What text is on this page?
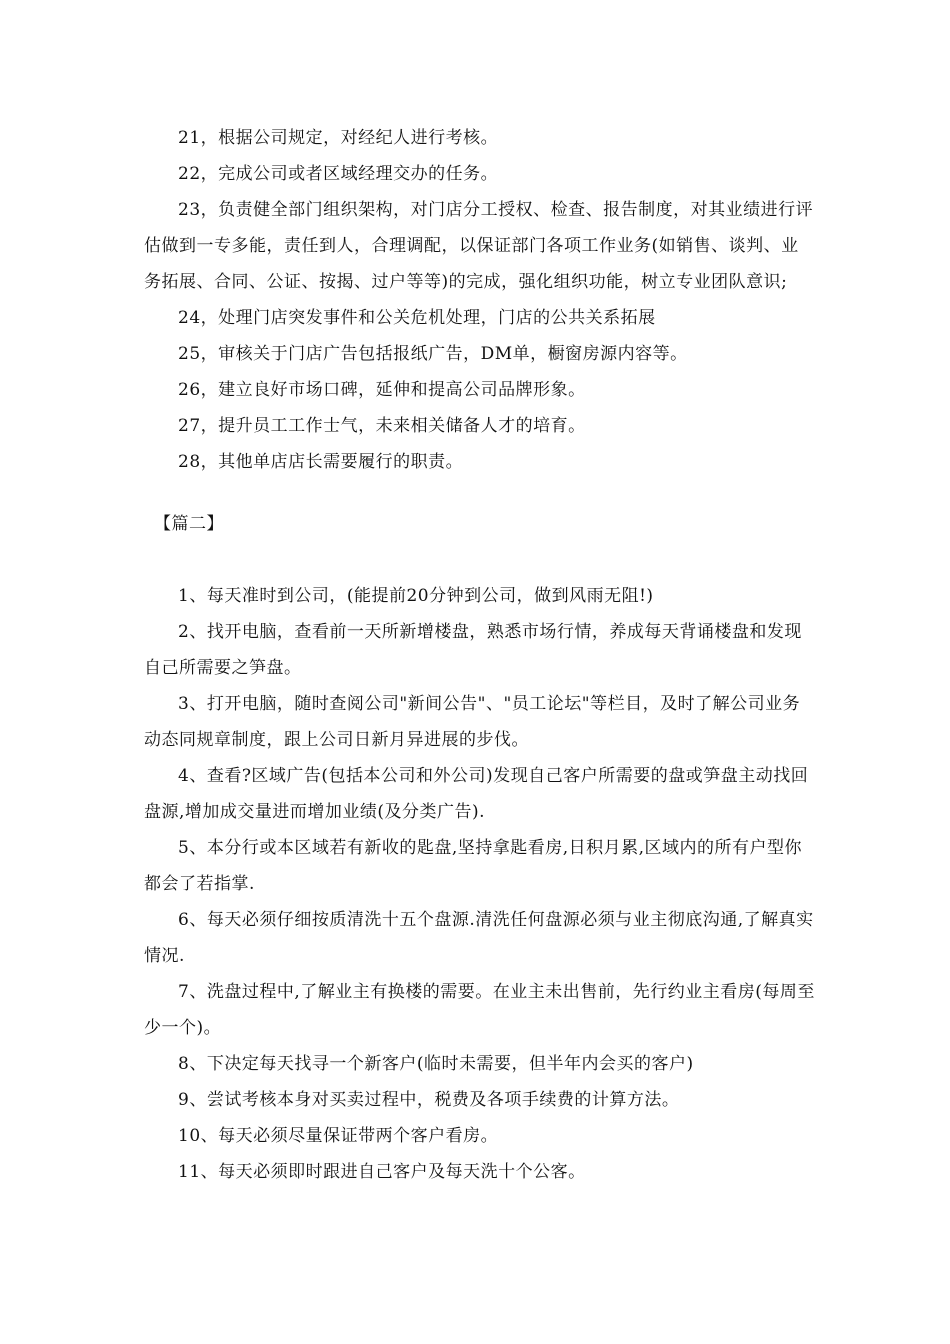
21，根据公司规定，对经纪人进行考核。

22，完成公司或者区域经理交办的任务。

23，负责健全部门组织架构，对门店分工授权、检查、报告制度，对其业绩进行评估做到一专多能，责任到人，合理调配，以保证部门各项工作业务(如销售、谈判、业务拓展、合同、公证、按揭、过户等等)的完成，强化组织功能，树立专业团队意识;

24，处理门店突发事件和公关危机处理，门店的公共关系拓展

25，审核关于门店广告包括报纸广告，DM单，橱窗房源内容等。

26，建立良好市场口碑，延伸和提高公司品牌形象。

27，提升员工工作士气，未来相关储备人才的培育。

28，其他单店店长需要履行的职责。

【篇二】

1、每天准时到公司，(能提前20分钟到公司，做到风雨无阻!)

2、找开电脑，查看前一天所新增楼盘，熟悉市场行情，养成每天背诵楼盘和发现自己所需要之笋盘。

3、打开电脑，随时查阅公司"新间公告"、"员工论坛"等栏目，及时了解公司业务动态同规章制度，跟上公司日新月异进展的步伐。

4、查看?区域广告(包括本公司和外公司)发现自己客户所需要的盘或笋盘主动找回盘源,增加成交量进而增加业绩(及分类广告).

5、本分行或本区域若有新收的匙盘,坚持拿匙看房,日积月累,区域内的所有户型你都会了若指掌.

6、每天必须仔细按质清洗十五个盘源.清洗任何盘源必须与业主彻底沟通,了解真实情况.

7、洗盘过程中,了解业主有换楼的需要。在业主未出售前，先行约业主看房(每周至少一个)。

8、下决定每天找寻一个新客户(临时未需要，但半年内会买的客户)

9、尝试考核本身对买卖过程中，税费及各项手续费的计算方法。

10、每天必须尽量保证带两个客户看房。

11、每天必须即时跟进自己客户及每天洗十个公客。
